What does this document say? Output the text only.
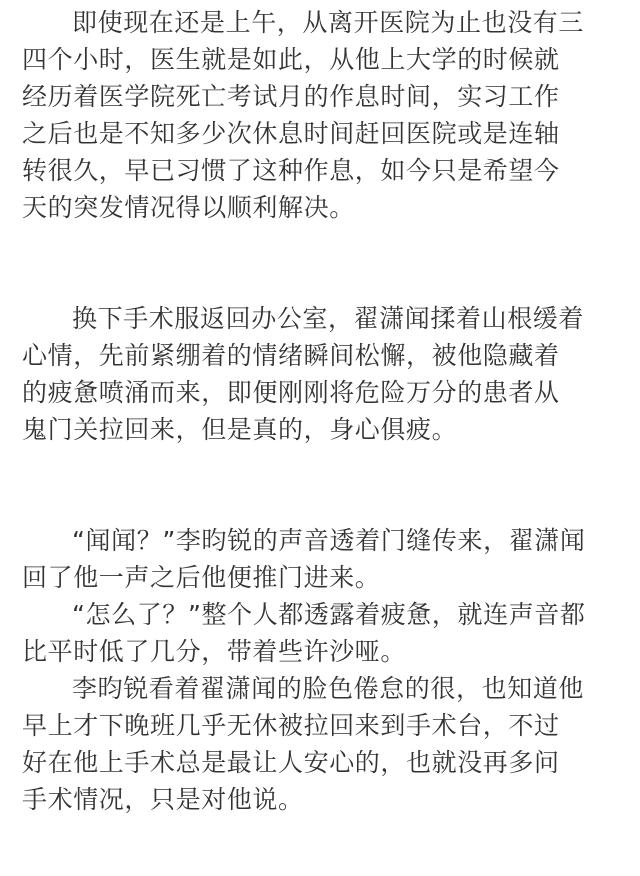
即使现在还是上午，从离开医院为止也没有三
四个小时，医生就是如此，从他上大学的时候就
经历着医学院死亡考试月的作息时间，实习工作
之后也是不知多少次休息时间赶回医院或是连轴
转很久，早已习惯了这种作息，如今只是希望今
天的突发情况得以顺利解决。
换下手术服返回办公室，翟潇闻揉着山根缓着
心情，先前紧绷着的情绪瞬间松懈，被他隐藏着
的疲惫喷涌而来，即便刚刚将危险万分的患者从
鬼门关拉回来，但是真的，身心俱疲。
“闻闻？”李昀锐的声音透着门缝传来，翟潇闻
回了他一声之后他便推门进来。
“怎么了？”整个人都透露着疲惫，就连声音都
比平时低了几分，带着些许沙哑。
李昀锐看着翟潇闻的脸色倦怠的很，也知道他
早上才下晚班几乎无休被拉回来到手术台，不过
好在他上手术总是最让人安心的，也就没再多问
手术情况，只是对他说。
